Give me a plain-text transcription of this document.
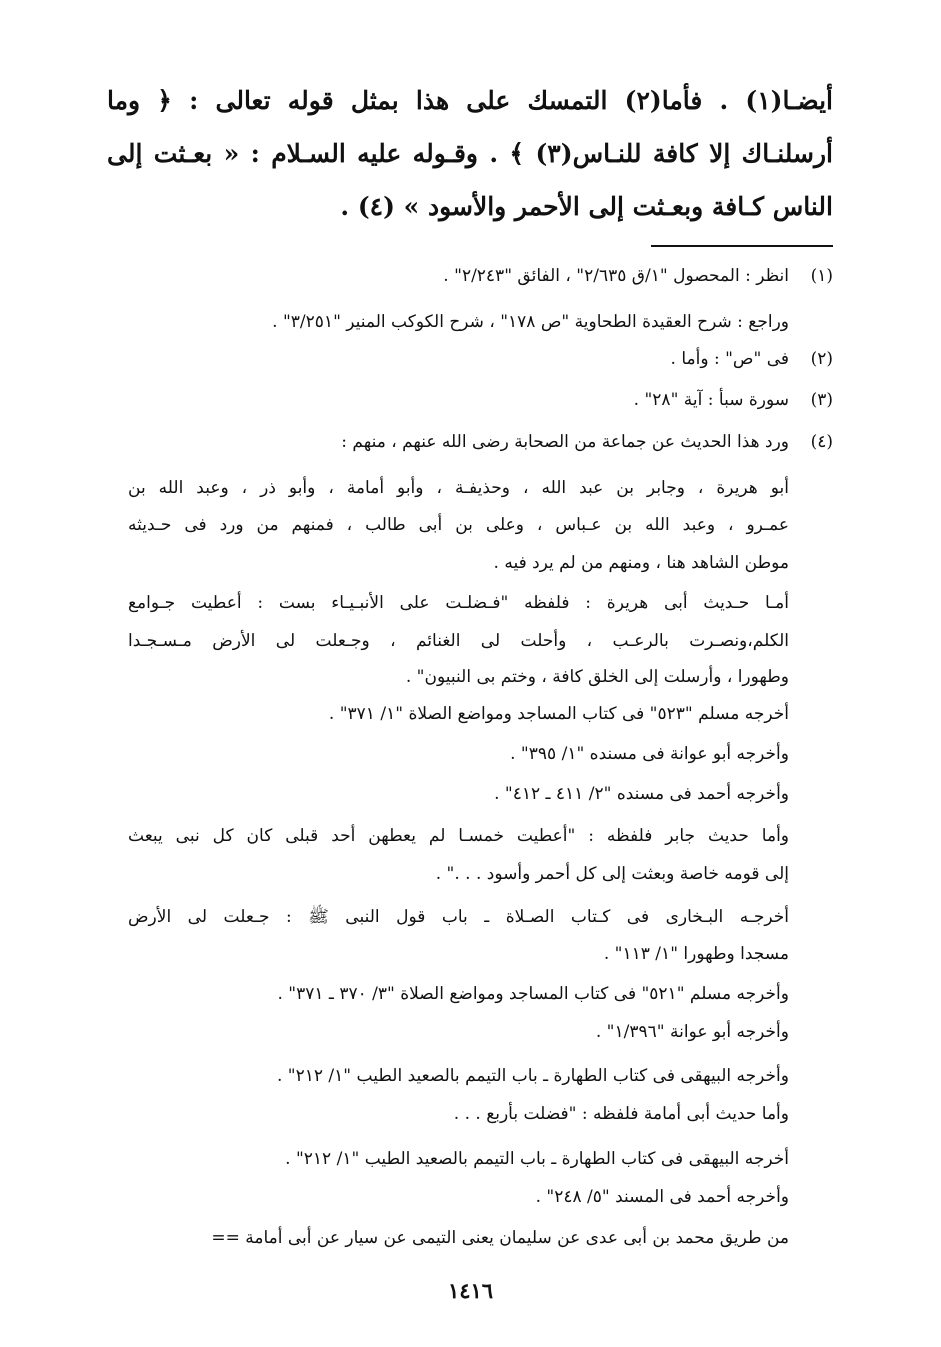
أيضـا(١) . فأما(٢) التمسك على هذا بمثل قوله تعالى : ﴿ وما أرسلنـاك إلا كافة للنـاس(٣) ﴾ . وقـوله عليه السـلام : « بعـثت إلى الناس كـافة وبعـثت إلى الأحمر والأسود » (٤) .
(١)
انظر : المحصول "١/ق ٢/٦٣٥" ، الفائق "٢/٢٤٣" .
وراجع : شرح العقيدة الطحاوية "ص ١٧٨" ، شرح الكوكب المنير "٣/٢٥١" .
(٢)
فى "ص" : وأما .
(٣)
سورة سبأ : آية "٢٨" .
(٤)
ورد هذا الحديث عن جماعة من الصحابة رضى الله عنهم ، منهم :
أبو هريرة ، وجابر بن عبد الله ، وحذيفـة ، وأبو أمامة ، وأبو ذر ، وعبد الله بن
عمـرو ، وعبد الله بن عـباس ، وعلى بن أبى طالب ، فمنهم من ورد فى حـديثه
موطن الشاهد هنا ، ومنهم من لم يرد فيه .
أمـا حـديث أبى هريرة : فلفظه "فـضلـت على الأنبـيـاء بست : أعطيت جـوامع
الكلم،ونصـرت بالرعـب ، وأحلت لى الغنائم ، وجـعلت لى الأرض مـسـجـدا
وطهورا ، وأرسلت إلى الخلق كافة ، وختم بى النبيون" .
أخرجه مسلم "٥٢٣" فى كتاب المساجد ومواضع الصلاة "١/ ٣٧١" .
وأخرجه أبو عوانة فى مسنده "١/ ٣٩٥" .
وأخرجه أحمد فى مسنده "٢/ ٤١١ ـ ٤١٢" .
وأما حديث جابر فلفظه : "أعطيت خمسـا لم يعطهن أحد قبلى كان كل نبى يبعث
إلى قومه خاصة وبعثت إلى كل أحمر وأسود . . ." .
أخرجـه البـخارى فى كـتاب الصـلاة ـ باب قول النبى ﷺ : جـعلت لى الأرض
مسجدا وطهورا "١/ ١١٣" .
وأخرجه مسلم "٥٢١" فى كتاب المساجد ومواضع الصلاة "٣/ ٣٧٠ ـ ٣٧١" .
وأخرجه أبو عوانة "١/٣٩٦" .
وأخرجه البيهقى فى كتاب الطهارة ـ باب التيمم بالصعيد الطيب "١/ ٢١٢" .
وأما حديث أبى أمامة فلفظه : "فضلت بأربع . . .
أخرجه البيهقى فى كتاب الطهارة ـ باب التيمم بالصعيد الطيب "١/ ٢١٢" .
وأخرجه أحمد فى المسند "٥/ ٢٤٨" .
من طريق محمد بن أبى عدى عن سليمان يعنى التيمى عن سيار عن أبى أمامة ==
١٤١٦
